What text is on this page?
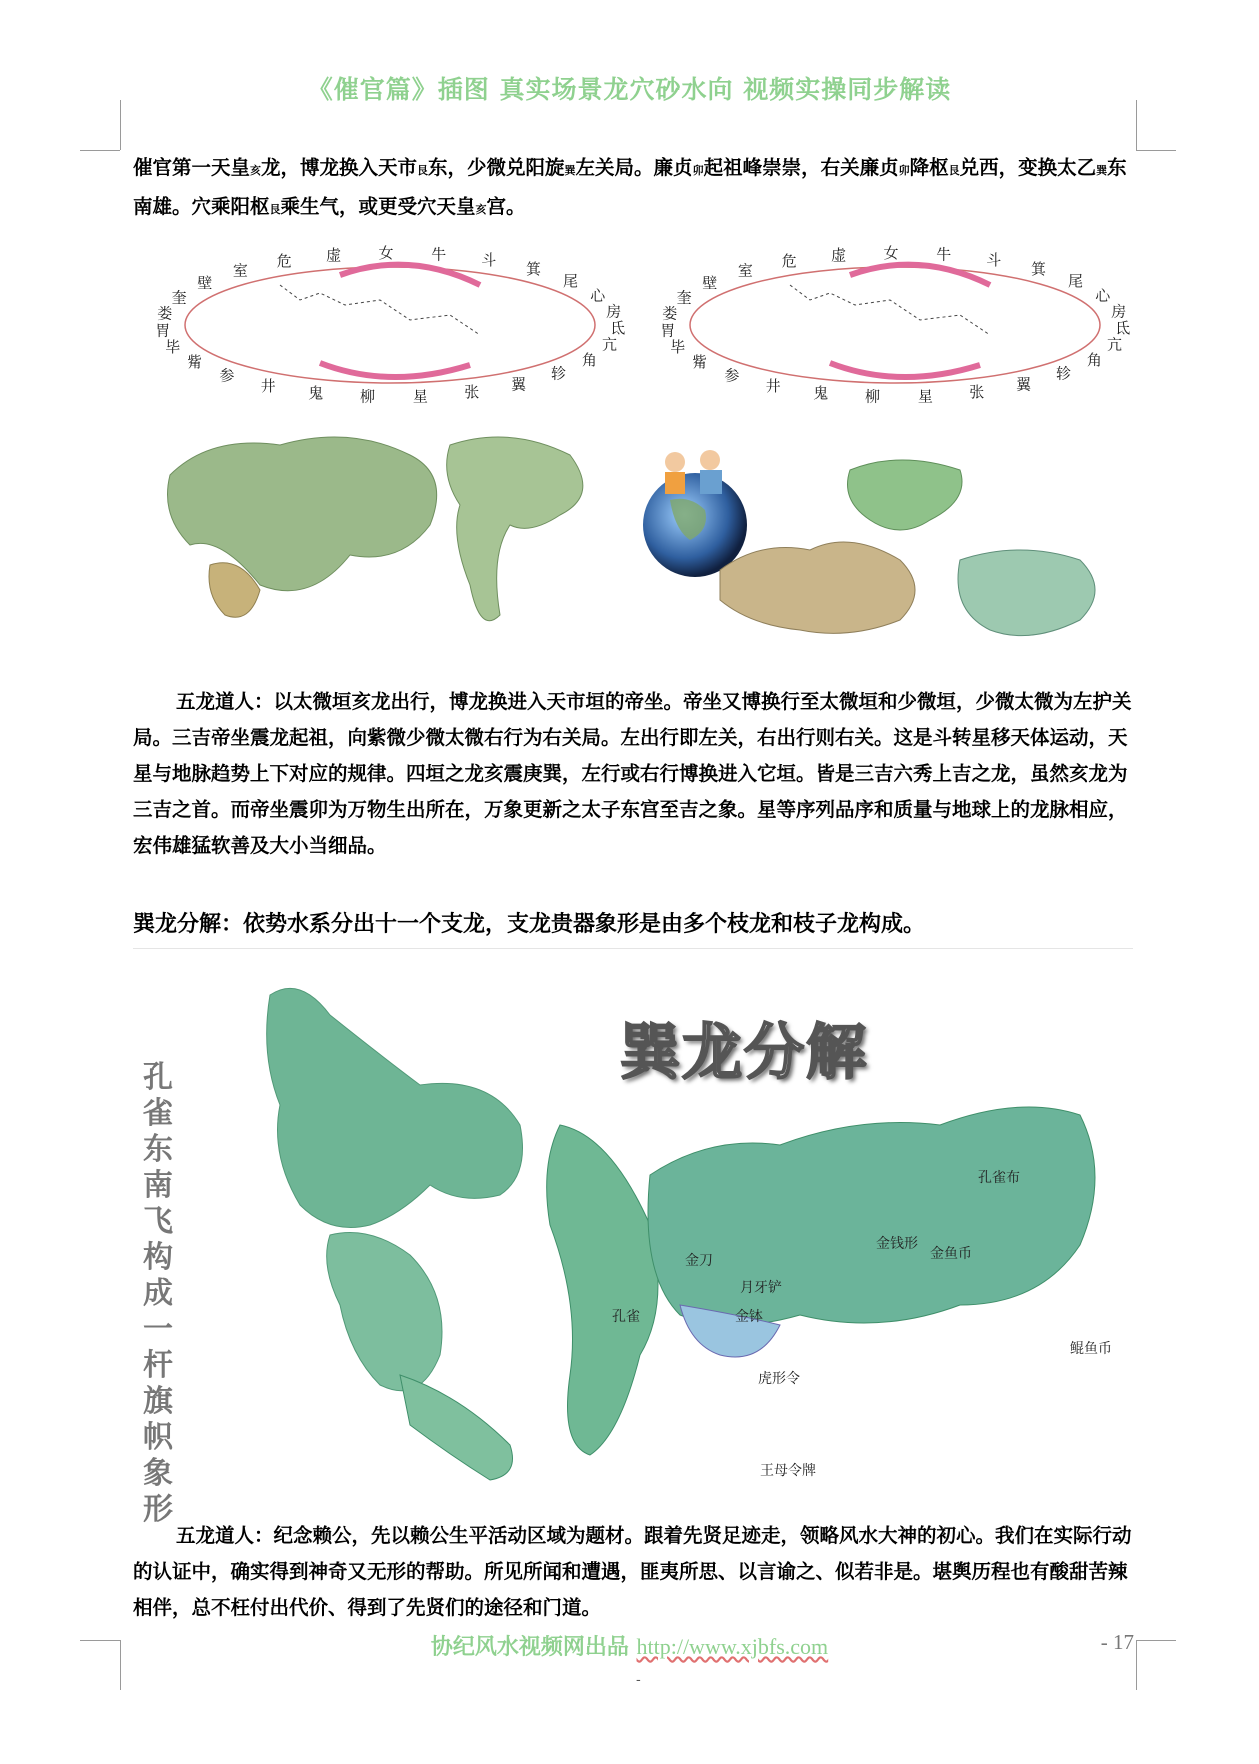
《催官篇》插图 真实场景龙穴砂水向 视频实操同步解读
催官第一天皇亥龙，博龙换入天市艮东，少微兑阳旋巽左关局。廉贞卯起祖峰崇崇，右关廉贞卯降枢艮兑西，变换太乙巽东南雄。穴乘阳枢艮乘生气，或更受穴天皇亥宫。
娄
奎
壁
室
危 虚 女	牛 斗 箕
尾
心
房
氐
亢
角
轸
翼
张
星
柳
鬼
井
参
觜
毕
胃
娄
奎
壁
室
危 虚 女	牛 斗 箕
尾
心
房
氐
亢
角
轸
翼
张
星
柳
鬼
井
参
觜
毕
胃
五龙道人：以太微垣亥龙出行，博龙换进入天市垣的帝坐。帝坐又博换行至太微垣和少微垣，少微太微为左护关局。三吉帝坐震龙起祖，向紫微少微太微右行为右关局。左出行即左关，右出行则右关。这是斗转星移天体运动，天星与地脉趋势上下对应的规律。四垣之龙亥震庚巽，左行或右行博换进入它垣。皆是三吉六秀上吉之龙，虽然亥龙为三吉之首。而帝坐震卯为万物生出所在，万象更新之太子东宫至吉之象。星等序列品序和质量与地球上的龙脉相应，宏伟雄猛软善及大小当细品。
巽龙分解：依势水系分出十一个支龙，支龙贵器象形是由多个枝龙和枝子龙构成。
孔雀东南飞 构成一杆旗帜象形
巽龙分解
孔雀布
金钱形
金鱼币
金刀
月牙铲
金钵
孔雀
虎形令
鲲鱼币
王母令牌
五龙道人：纪念赖公，先以赖公生平活动区域为题材。跟着先贤足迹走，领略风水大神的初心。我们在实际行动的认证中，确实得到神奇又无形的帮助。所见所闻和遭遇，匪夷所思、以言谕之、似若非是。堪舆历程也有酸甜苦辣相伴，总不枉付出代价、得到了先贤们的途径和门道。
协纪风水视频网出品 http://www.xjbfs.com	- 17
-
